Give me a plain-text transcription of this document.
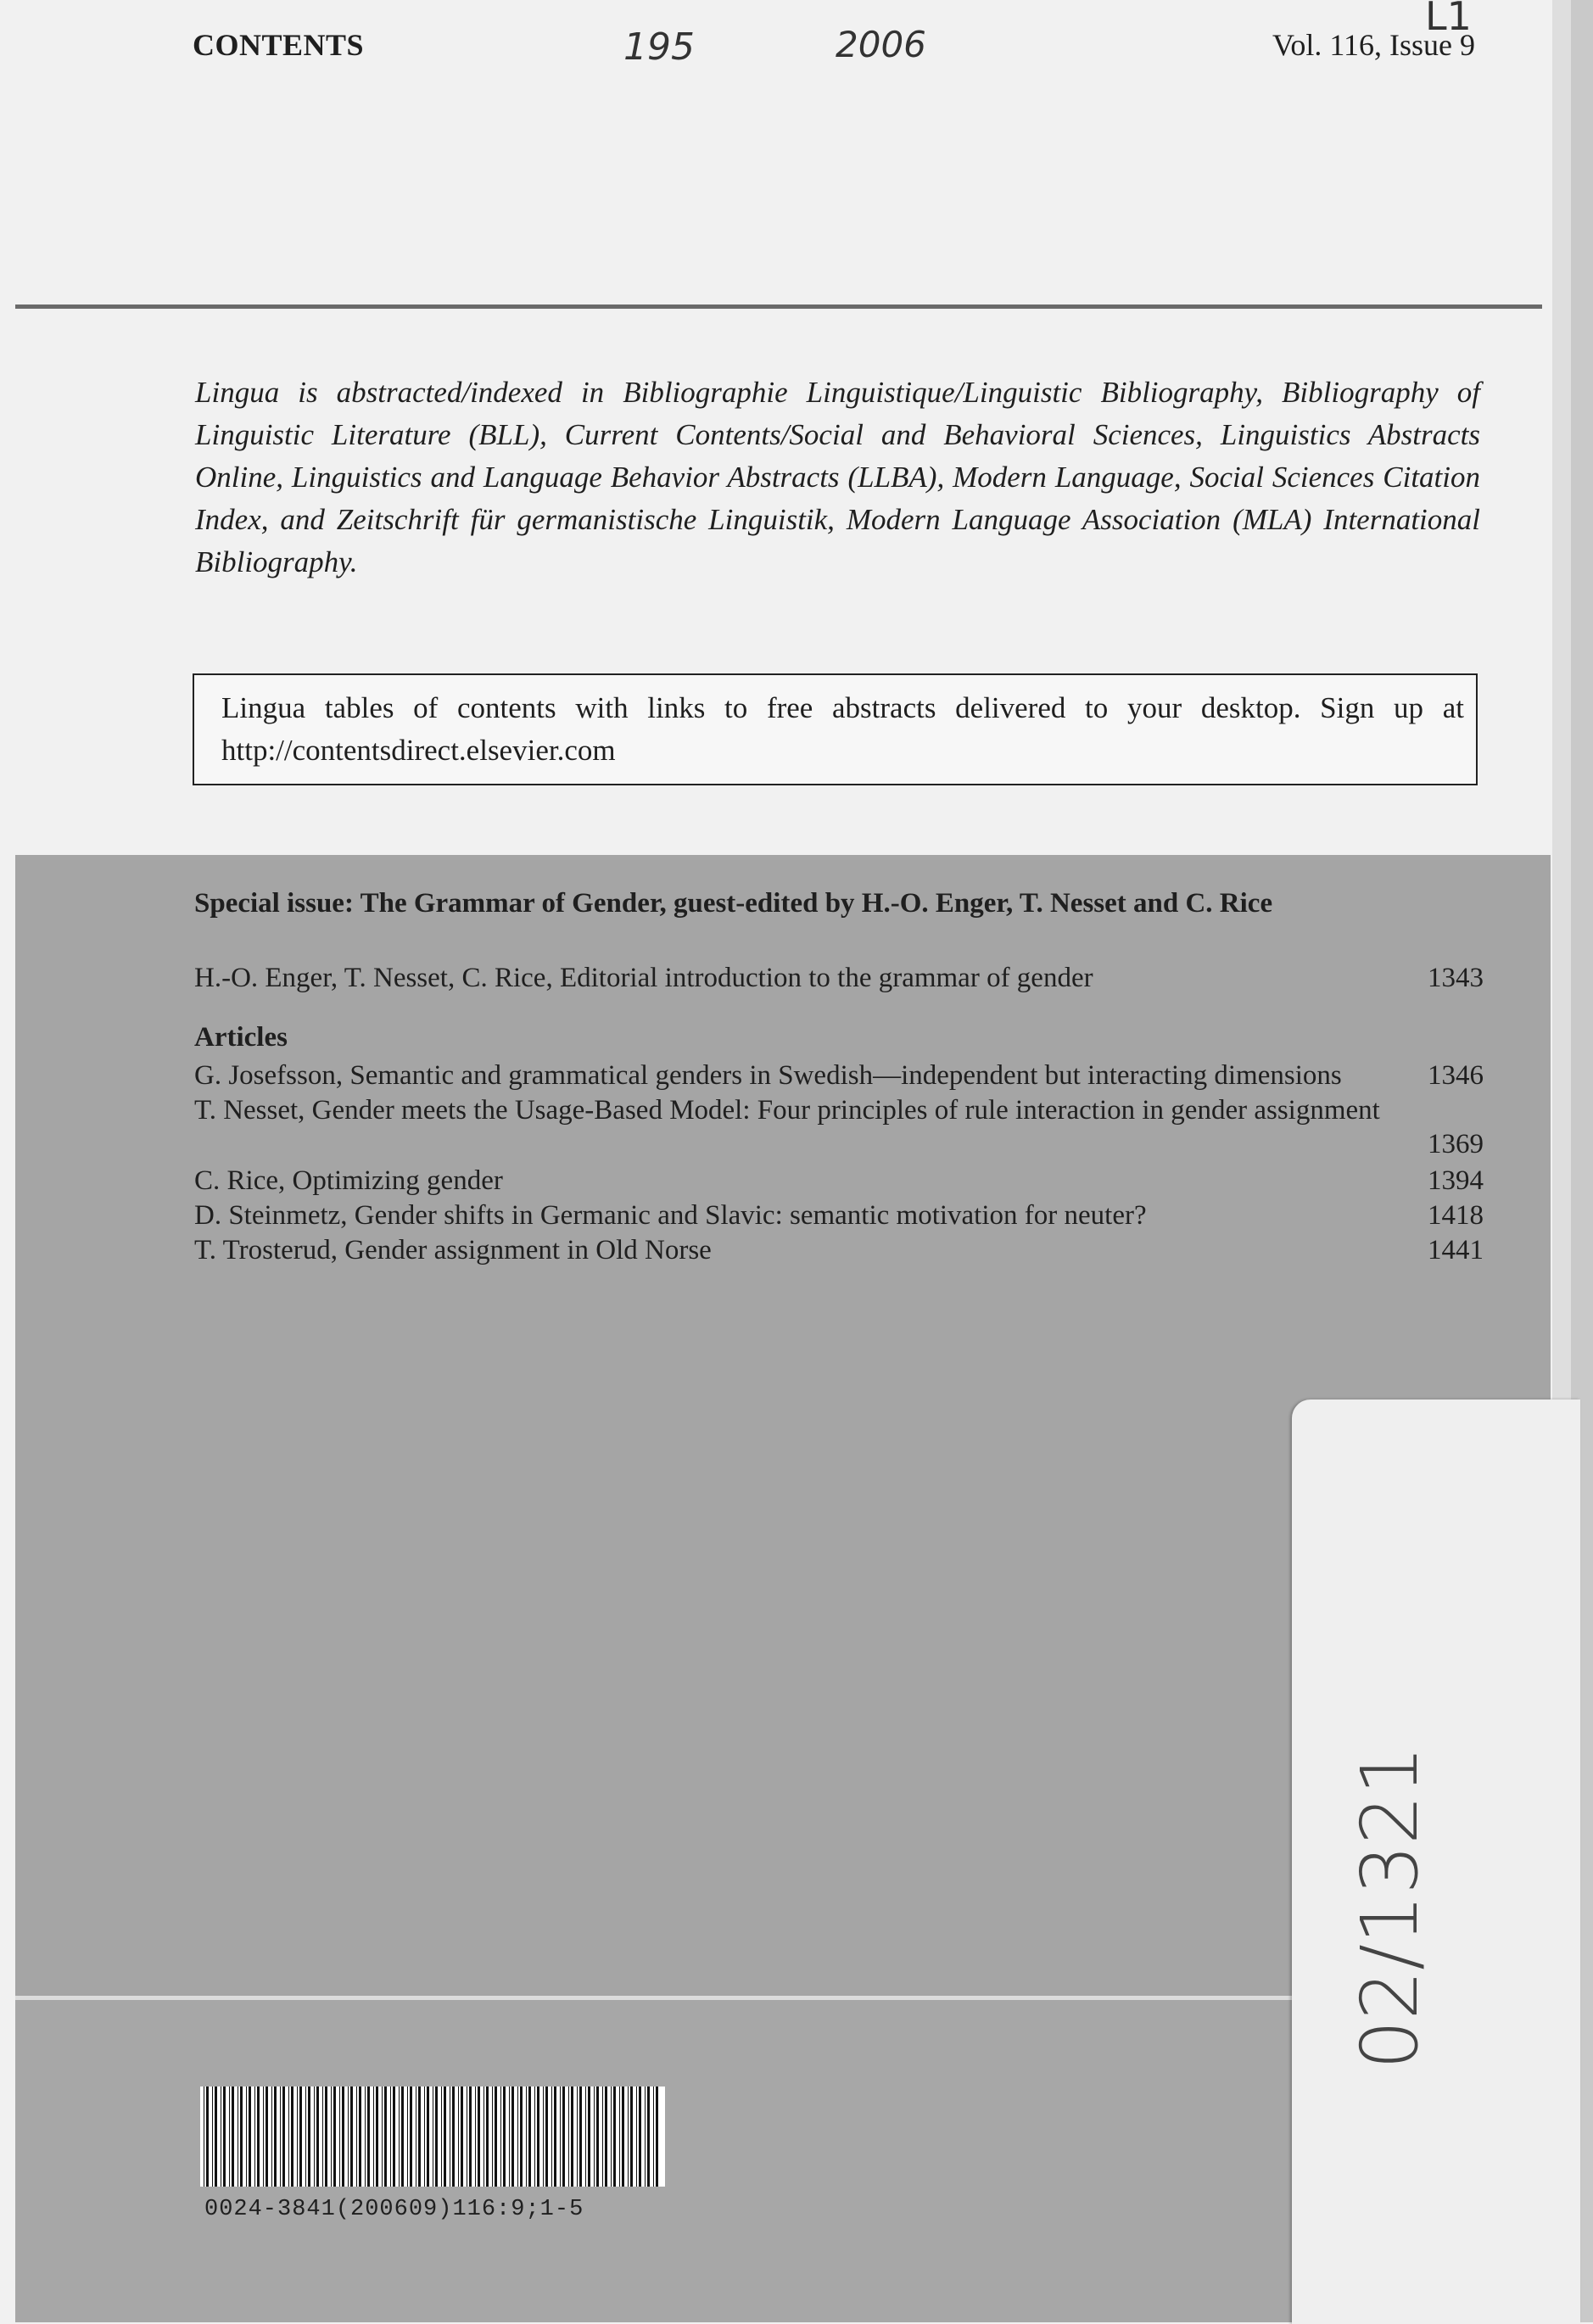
CONTENTS	Vol. 116, Issue 9
195	2006
L1
Lingua is abstracted/indexed in Bibliographie Linguistique/Linguistic Bibliography, Bibliography of Linguistic Literature (BLL), Current Contents/Social and Behavioral Sciences, Linguistics Abstracts Online, Linguistics and Language Behavior Abstracts (LLBA), Modern Language, Social Sciences Citation Index, and Zeitschrift für germanistische Linguistik, Modern Language Association (MLA) International Bibliography.
Lingua tables of contents with links to free abstracts delivered to your desktop. Sign up at http://contentsdirect.elsevier.com
Special issue: The Grammar of Gender, guest-edited by H.-O. Enger, T. Nesset and C. Rice
H.-O. Enger, T. Nesset, C. Rice, Editorial introduction to the grammar of gender	1343
Articles
G. Josefsson, Semantic and grammatical genders in Swedish—independent but interacting dimensions	1346
T. Nesset, Gender meets the Usage-Based Model: Four principles of rule interaction in gender assignment
1369
C. Rice, Optimizing gender	1394
D. Steinmetz, Gender shifts in Germanic and Slavic: semantic motivation for neuter?	1418
T. Trosterud, Gender assignment in Old Norse	1441
0024-3841(200609)116:9;1-5
02/1321
